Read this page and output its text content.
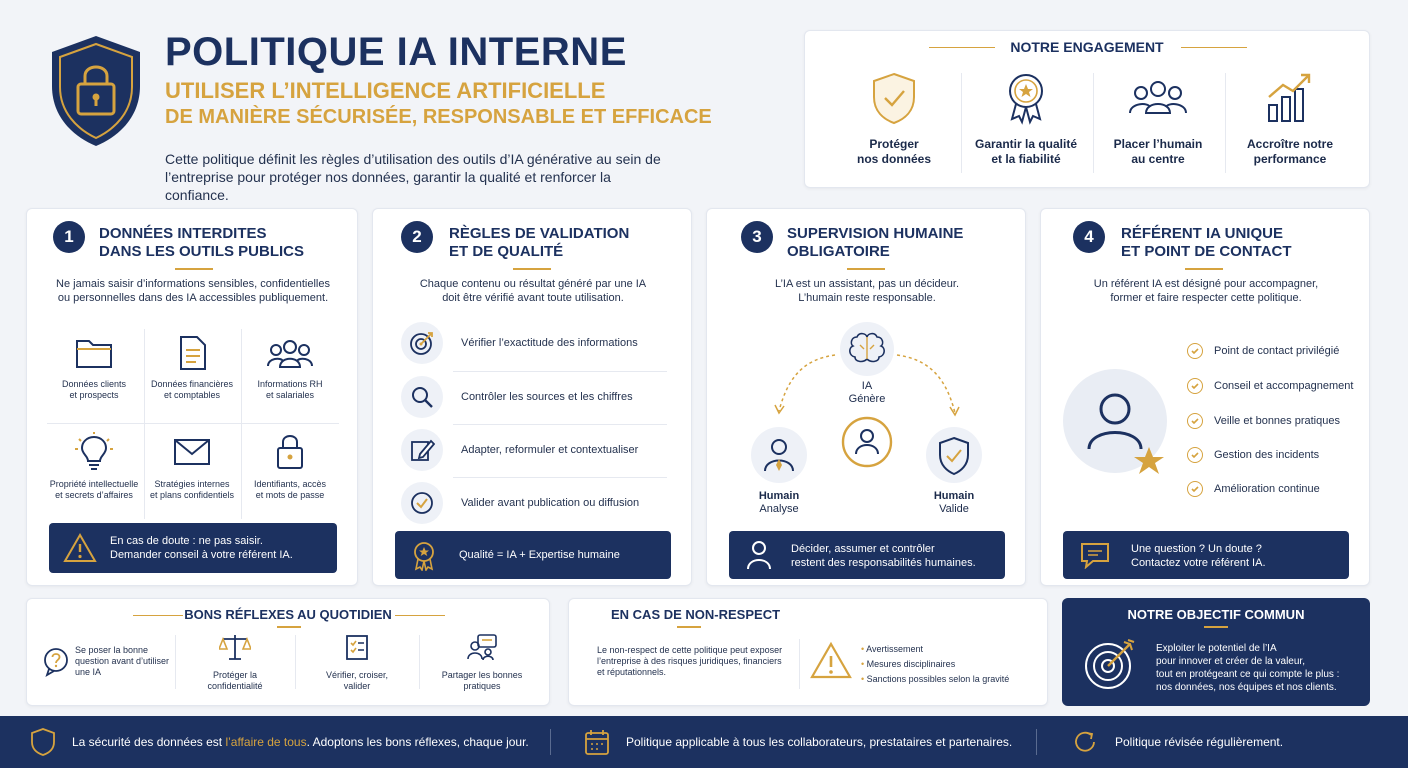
POLITIQUE IA INTERNE
UTILISER L’INTELLIGENCE ARTIFICIELLE
DE MANIÈRE SÉCURISÉE, RESPONSABLE ET EFFICACE
Cette politique définit les règles d’utilisation des outils d’IA générative au sein de l’entreprise pour protéger nos données, garantir la qualité et renforcer la confiance.
NOTRE ENGAGEMENT
Protéger
nos données
Garantir la qualité
et la fiabilité
Placer l’humain
au centre
Accroître notre
performance
1	DONNÉES INTERDITES
DANS LES OUTILS PUBLICS
Ne jamais saisir d’informations sensibles, confidentielles
ou personnelles dans des IA accessibles publiquement.
Données clients
et prospects
Données financières
et comptables
Informations RH
et salariales
Propriété intellectuelle
et secrets d’affaires
Stratégies internes
et plans confidentiels
Identifiants, accès
et mots de passe
En cas de doute : ne pas saisir.
Demander conseil à votre référent IA.
2	RÈGLES DE VALIDATION
ET DE QUALITÉ
Chaque contenu ou résultat généré par une IA
doit être vérifié avant toute utilisation.
Vérifier l’exactitude des informations
Contrôler les sources et les chiffres
Adapter, reformuler et contextualiser
Valider avant publication ou diffusion
Qualité = IA + Expertise humaine
3	SUPERVISION HUMAINE
OBLIGATOIRE
L’IA est un assistant, pas un décideur.
L’humain reste responsable.
IA
Génère
Humain
Analyse
Humain
Valide
Décider, assumer et contrôler
restent des responsabilités humaines.
4	RÉFÉRENT IA UNIQUE
ET POINT DE CONTACT
Un référent IA est désigné pour accompagner,
former et faire respecter cette politique.
Point de contact privilégié
Conseil et accompagnement
Veille et bonnes pratiques
Gestion des incidents
Amélioration continue
Une question ? Un doute ?
Contactez votre référent IA.
BONS RÉFLEXES AU QUOTIDIEN
Se poser la bonne
question avant d’utiliser
une IA	Protéger la
confidentialité
Vérifier, croiser,
valider
Partager les bonnes
pratiques
EN CAS DE NON-RESPECT
Le non-respect de cette politique peut exposer
l’entreprise à des risques juridiques, financiers
et réputationnels.
• Avertissement
• Mesures disciplinaires
• Sanctions possibles selon la gravité
NOTRE OBJECTIF COMMUN
Exploiter le potentiel de l’IA
pour innover et créer de la valeur,
tout en protégeant ce qui compte le plus :
nos données, nos équipes et nos clients.
La sécurité des données est l’affaire de tous. Adoptons les bons réflexes, chaque jour.	Politique applicable à tous les collaborateurs, prestataires et partenaires.	Politique révisée régulièrement.
